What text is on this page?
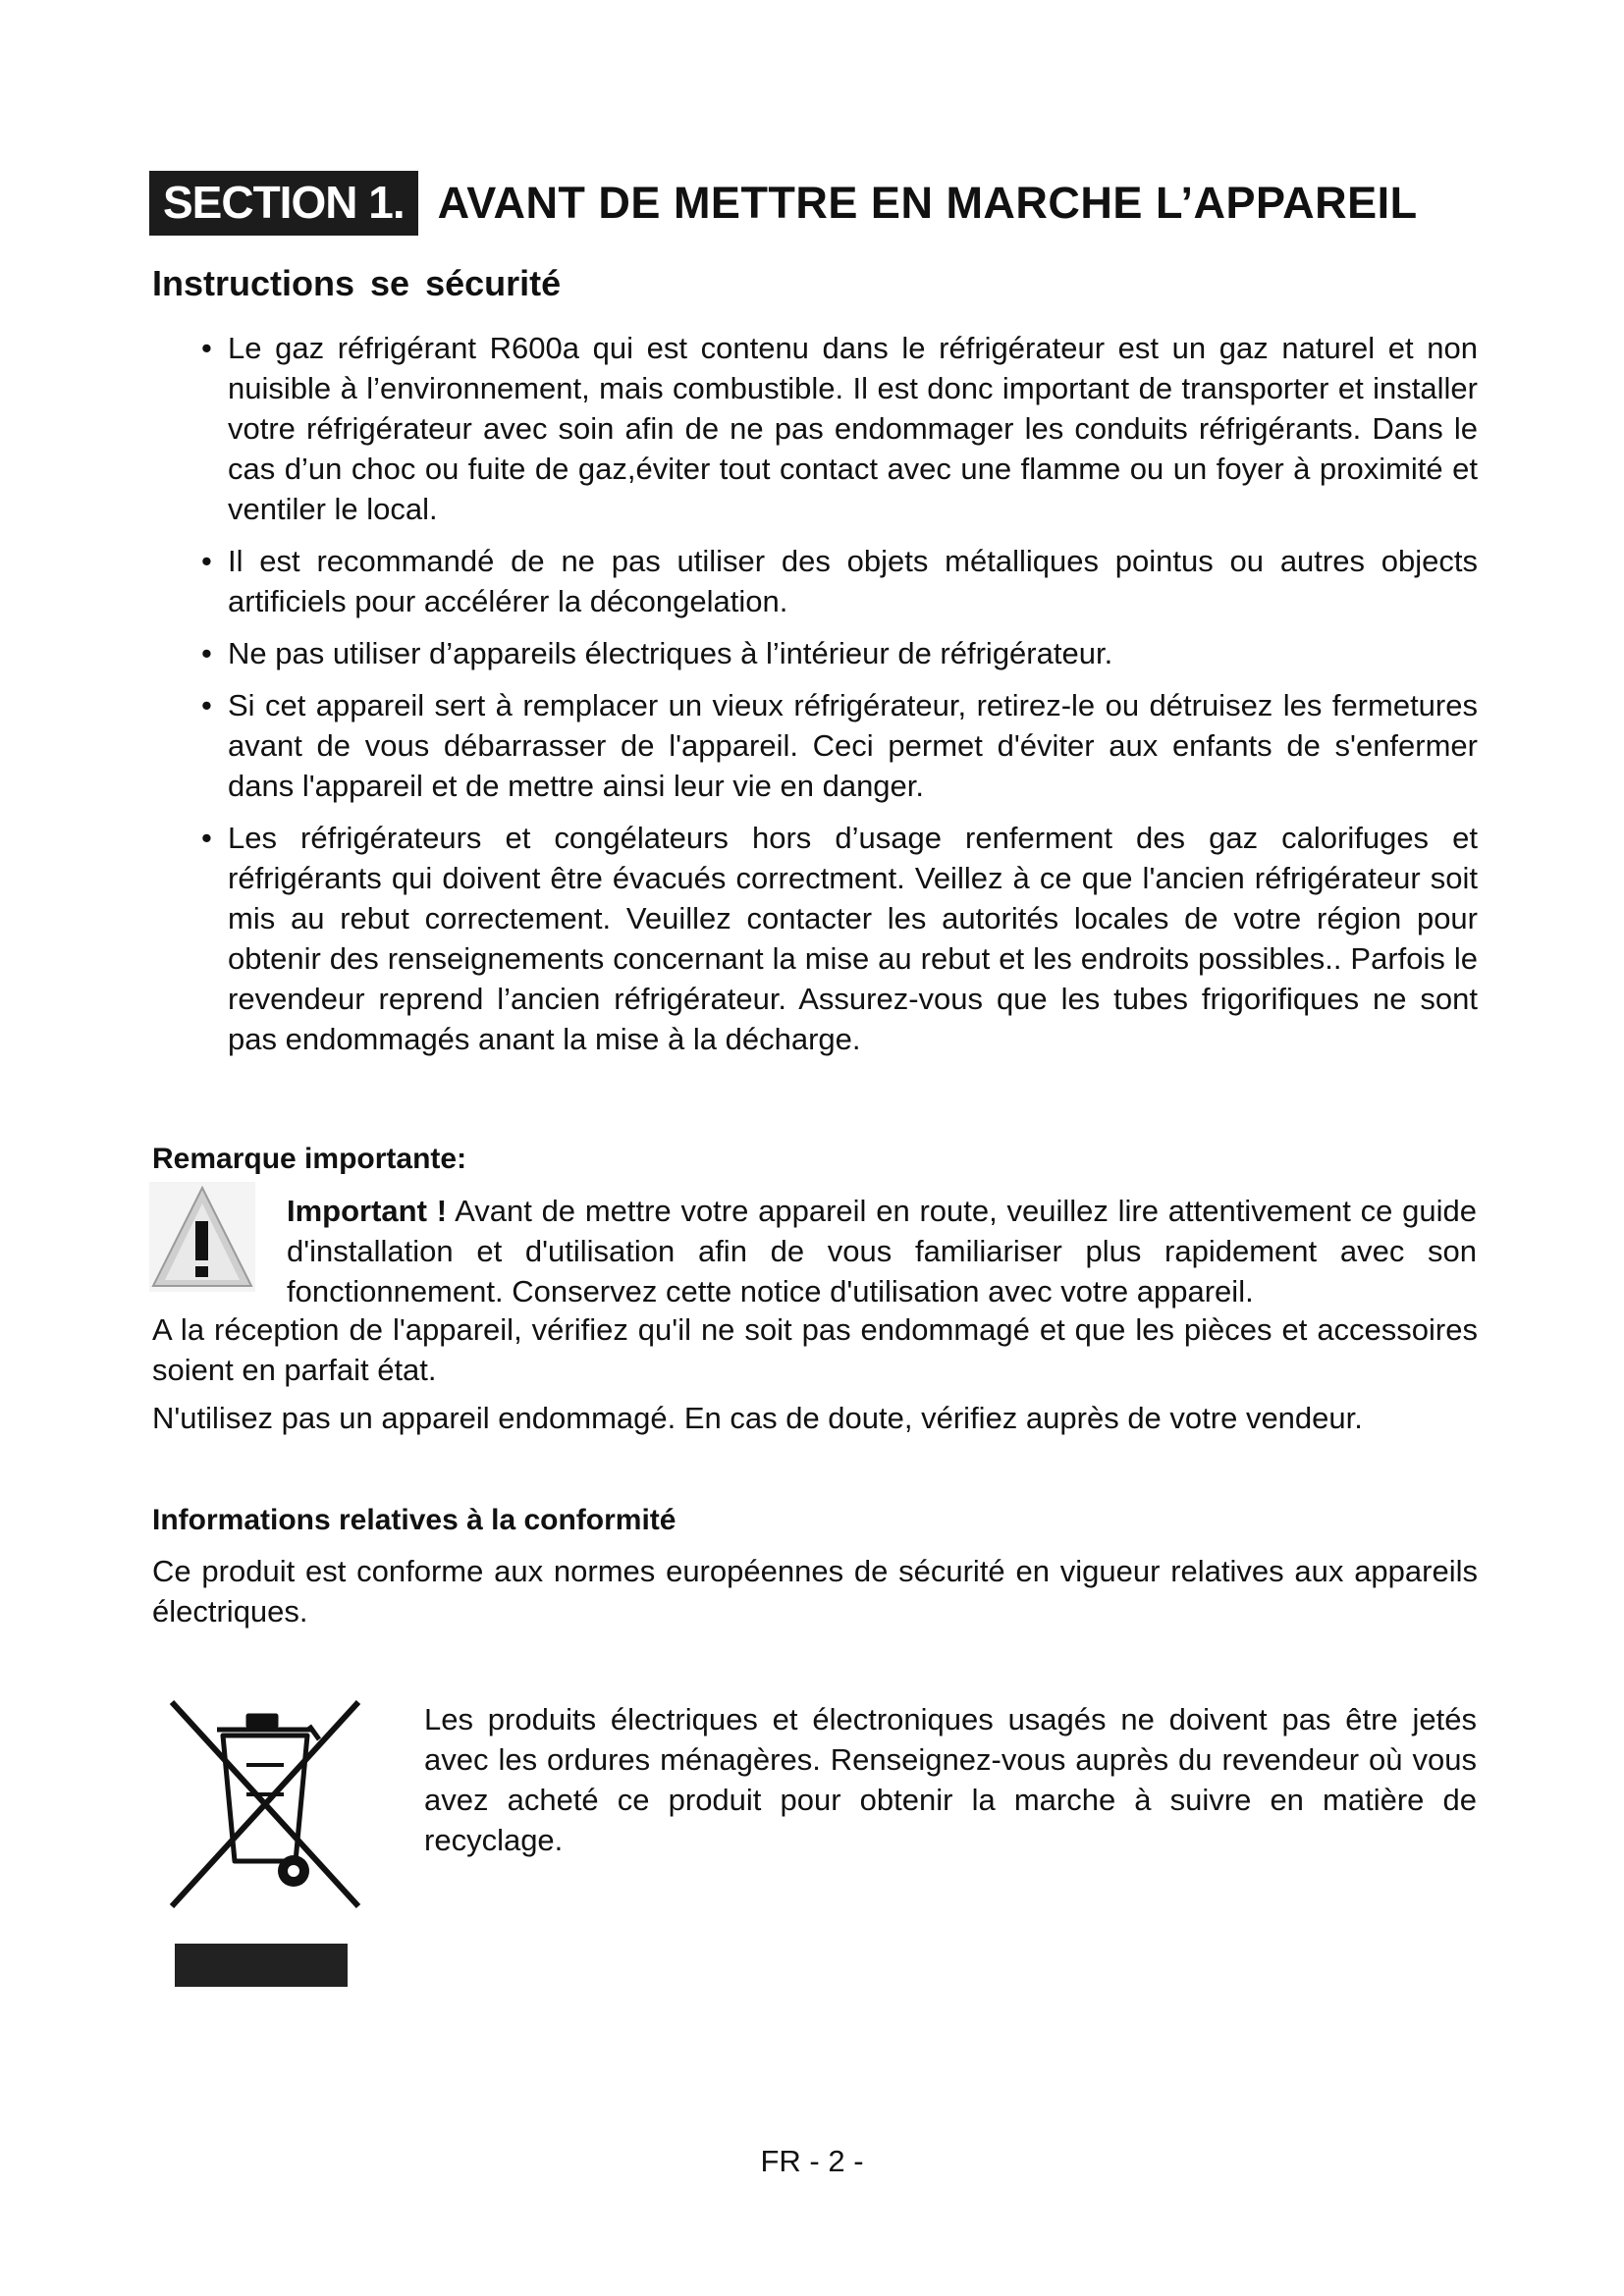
SECTION 1. AVANT DE METTRE EN MARCHE L’APPAREIL
Instructions se sécurité
• Le gaz réfrigérant R600a qui est contenu dans le réfrigérateur est un gaz naturel et non nuisible à l’environnement, mais combustible. Il est donc important de transporter et installer votre réfrigérateur avec soin afin de ne pas endommager les conduits réfrigérants. Dans le cas d’un choc ou fuite de gaz,éviter tout contact avec une flamme ou un foyer à proximité et ventiler le local.
• Il est recommandé de ne pas utiliser des objets métalliques pointus ou autres objects artificiels pour accélérer la décongelation.
• Ne pas utiliser d’appareils électriques à l’intérieur de réfrigérateur.
• Si cet appareil sert à remplacer un vieux réfrigérateur, retirez-le ou détruisez les fermetures avant de vous débarrasser de l'appareil. Ceci permet d'éviter aux enfants de s'enfermer dans l'appareil et de mettre ainsi leur vie en danger.
• Les réfrigérateurs et congélateurs hors d’usage renferment des gaz calorifuges et réfrigérants qui doivent être évacués correctment. Veillez à ce que l'ancien réfrigérateur soit mis au rebut correctement. Veuillez contacter les autorités locales de votre région pour obtenir des renseignements concernant la mise au rebut et les endroits possibles.. Parfois le revendeur reprend l’ancien réfrigérateur. Assurez-vous que les tubes frigorifiques ne sont pas endommagés anant la mise à la décharge.
Remarque importante:
Important ! Avant de mettre votre appareil en route, veuillez lire attentivement ce guide d'installation et d'utilisation afin de vous familiariser plus rapidement avec son fonctionnement. Conservez cette notice d'utilisation avec votre appareil.
A la réception de l'appareil, vérifiez qu'il ne soit pas endommagé et que les pièces et accessoires soient en parfait état.
N'utilisez pas un appareil endommagé. En cas de doute, vérifiez auprès de votre vendeur.
Informations relatives à la conformité
Ce produit est conforme aux normes européennes de sécurité en vigueur relatives aux appareils électriques.
Les produits électriques et électroniques usagés ne doivent pas être jetés avec les ordures ménagères. Renseignez-vous auprès du revendeur où vous avez acheté ce produit pour obtenir la marche à suivre en matière de recyclage.
FR - 2 -
